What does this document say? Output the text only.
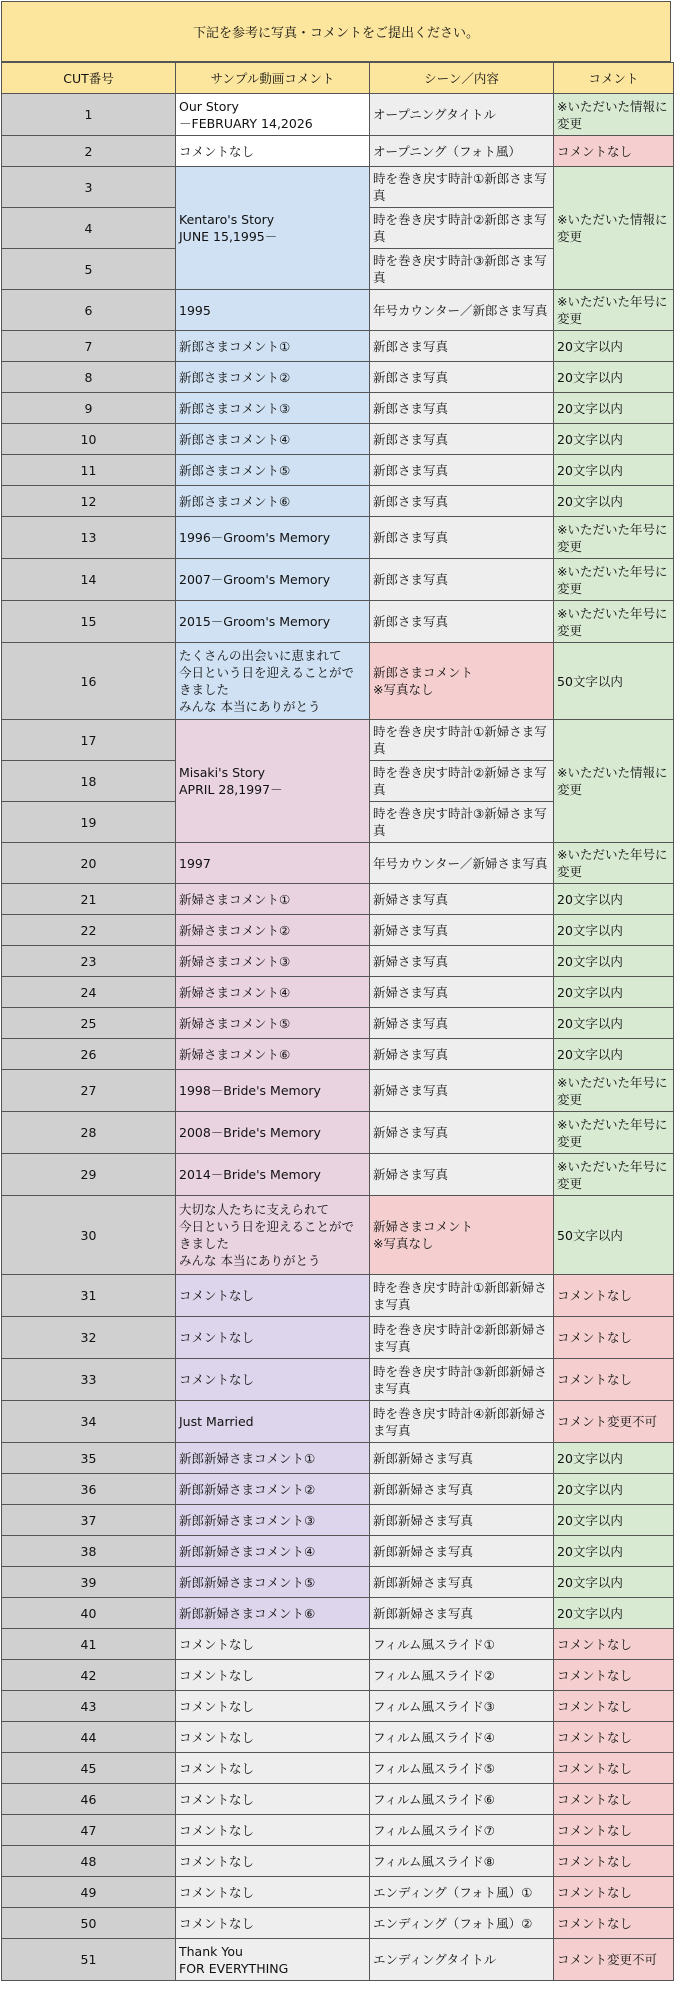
下記を参考に写真・コメントをご提出ください。
CUT番号	サンプル動画コメント	シーン／内容	コメント
1	Our Story
－FEBRUARY 14,2026	オープニングタイトル	※いただいた情報に変更
2	コメントなし	オープニング（フォト風）	コメントなし
3	Kentaro's Story
JUNE 15,1995－	時を巻き戻す時計①新郎さま写真	※いただいた情報に変更
4		時を巻き戻す時計②新郎さま写真	
5		時を巻き戻す時計③新郎さま写真	
6	1995	年号カウンター／新郎さま写真	※いただいた年号に変更
7	新郎さまコメント①	新郎さま写真	20文字以内
8	新郎さまコメント②	新郎さま写真	20文字以内
9	新郎さまコメント③	新郎さま写真	20文字以内
10	新郎さまコメント④	新郎さま写真	20文字以内
11	新郎さまコメント⑤	新郎さま写真	20文字以内
12	新郎さまコメント⑥	新郎さま写真	20文字以内
13	1996－Groom's Memory	新郎さま写真	※いただいた年号に変更
14	2007－Groom's Memory	新郎さま写真	※いただいた年号に変更
15	2015－Groom's Memory	新郎さま写真	※いただいた年号に変更
16	たくさんの出会いに恵まれて
今日という日を迎えることができました
みんな 本当にありがとう	新郎さまコメント
※写真なし	50文字以内
17	Misaki's Story
APRIL 28,1997－	時を巻き戻す時計①新婦さま写真	※いただいた情報に変更
18		時を巻き戻す時計②新婦さま写真	
19		時を巻き戻す時計③新婦さま写真	
20	1997	年号カウンター／新婦さま写真	※いただいた年号に変更
21	新婦さまコメント①	新婦さま写真	20文字以内
22	新婦さまコメント②	新婦さま写真	20文字以内
23	新婦さまコメント③	新婦さま写真	20文字以内
24	新婦さまコメント④	新婦さま写真	20文字以内
25	新婦さまコメント⑤	新婦さま写真	20文字以内
26	新婦さまコメント⑥	新婦さま写真	20文字以内
27	1998－Bride's Memory	新婦さま写真	※いただいた年号に変更
28	2008－Bride's Memory	新婦さま写真	※いただいた年号に変更
29	2014－Bride's Memory	新婦さま写真	※いただいた年号に変更
30	大切な人たちに支えられて
今日という日を迎えることができました
みんな 本当にありがとう	新婦さまコメント
※写真なし	50文字以内
31	コメントなし	時を巻き戻す時計①新郎新婦さま写真	コメントなし
32	コメントなし	時を巻き戻す時計②新郎新婦さま写真	コメントなし
33	コメントなし	時を巻き戻す時計③新郎新婦さま写真	コメントなし
34	Just Married	時を巻き戻す時計④新郎新婦さま写真	コメント変更不可
35	新郎新婦さまコメント①	新郎新婦さま写真	20文字以内
36	新郎新婦さまコメント②	新郎新婦さま写真	20文字以内
37	新郎新婦さまコメント③	新郎新婦さま写真	20文字以内
38	新郎新婦さまコメント④	新郎新婦さま写真	20文字以内
39	新郎新婦さまコメント⑤	新郎新婦さま写真	20文字以内
40	新郎新婦さまコメント⑥	新郎新婦さま写真	20文字以内
41	コメントなし	フィルム風スライド①	コメントなし
42	コメントなし	フィルム風スライド②	コメントなし
43	コメントなし	フィルム風スライド③	コメントなし
44	コメントなし	フィルム風スライド④	コメントなし
45	コメントなし	フィルム風スライド⑤	コメントなし
46	コメントなし	フィルム風スライド⑥	コメントなし
47	コメントなし	フィルム風スライド⑦	コメントなし
48	コメントなし	フィルム風スライド⑧	コメントなし
49	コメントなし	エンディング（フォト風）①	コメントなし
50	コメントなし	エンディング（フォト風）②	コメントなし
51	Thank You
FOR EVERYTHING	エンディングタイトル	コメント変更不可
